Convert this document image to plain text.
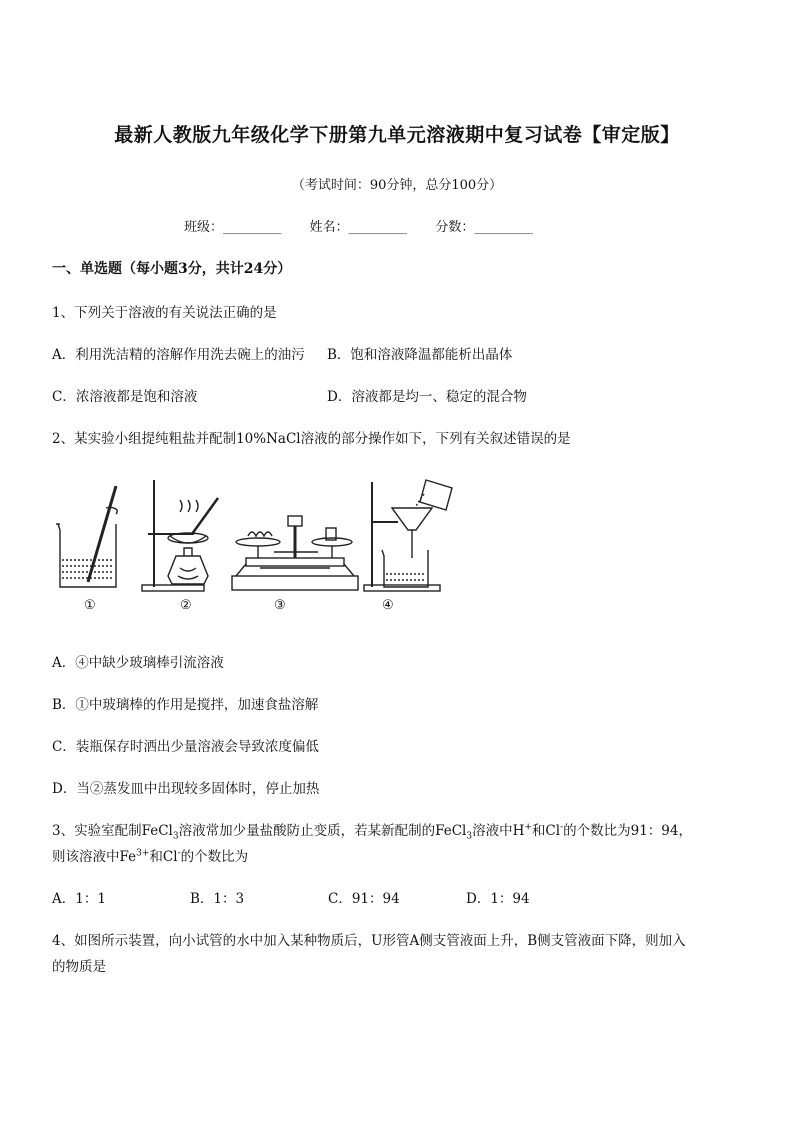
最新人教版九年级化学下册第九单元溶液期中复习试卷【审定版】
（考试时间：90分钟，总分100分）
班级：_________ 姓名：_________ 分数：_________
一、单选题（每小题3分，共计24分）
1、下列关于溶液的有关说法正确的是
A．利用洗洁精的溶解作用洗去碗上的油污 B．饱和溶液降温都能析出晶体
C．浓溶液都是饱和溶液	D．溶液都是均一、稳定的混合物
2、某实验小组提纯粗盐并配制10%NaCl溶液的部分操作如下，下列有关叙述错误的是
①	②	③	④
A．④中缺少玻璃棒引流溶液
B．①中玻璃棒的作用是搅拌，加速食盐溶解
C．装瓶保存时洒出少量溶液会导致浓度偏低
D．当②蒸发皿中出现较多固体时，停止加热
3、实验室配制FeCl$_3$溶液常加少量盐酸防止变质，若某新配制的FeCl$_3$溶液中H+和Cl-的个数比为91：94，
则该溶液中$Fe^{3+}$和Cl-的个数比为
A．1：1	B．1：3	C．91：94	D．1：94
4、如图所示装置，向小试管的水中加入某种物质后，U形管A侧支管液面上升，B侧支管液面下降，则加入
的物质是
